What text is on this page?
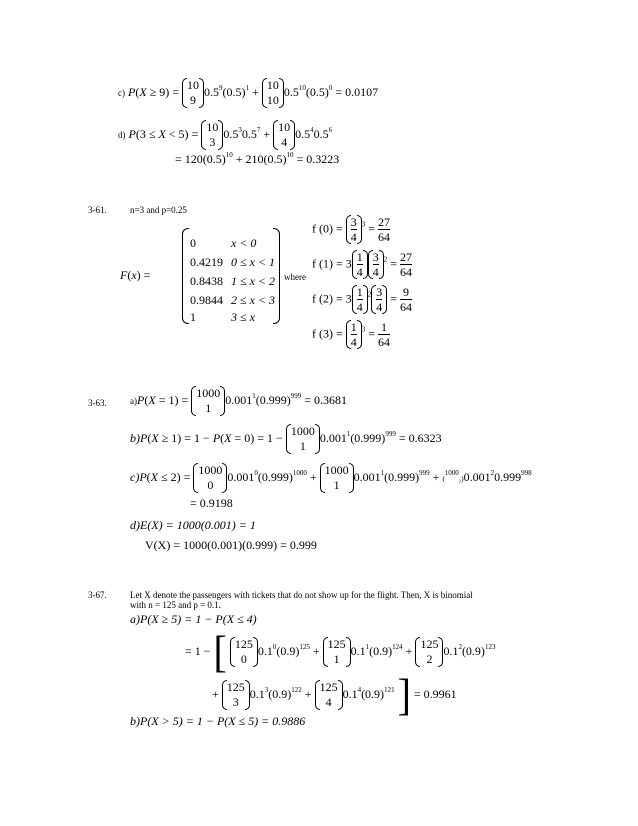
c) P(X ≥ 9) = 10
9
$0.5^9(0.5)^1 + 10$
10
$0.5^{10}(0.5)^0 = 0.0107$
d) P(3 ≤ X < 5) = 10
3
$0.5^30.5^7 + 10$
4
$0.5^40.5^6$
= $120(0.5)^{10} + 210(0.5)^{10} = 0.3223$
3-61.	n=3 and p=0.25
F(x) =
0	x < 0
0.4219 0 ≤ x < 1
0.8438 1 ≤ x < 2
0.9844 2 ≤ x < 3
1	3 ≤ x
where
f (0) = 3
4
$^3 = \frac{27}{64}$
f (1) = 3 1
4
3
4
$^2 = \frac{27}{64}$
f (2) = 3 1
4
$^2$ 3
4
= $\frac{9}{64}$
f (3) = 1
4
$^3 = \frac{1}{64}$
3-63.	a)P(X = 1) = 1000
1
$0.001^1(0.999)^{999} = 0.3681$
b)P(X ≥ 1) = 1 − P(X = 0) = 1 − 1000
1
$0.001^1(0.999)^{999} = 0.6323$
c)P(X ≤ 2) = 1000
0
$0.001^0(0.999)^{1000} + 1000$
1
$0.001^1(0.999)^{999} + (^{1000}_2)0.001^20.999^{998}$
= 0.9198
d)E(X) = 1000(0.001) = 1
V(X) = 1000(0.001)(0.999) = 0.999
3-67.	Let X denote the passengers with tickets that do not show up for the flight. Then, X is binomial
with n = 125 and p = 0.1.
a)P(X ≥ 5) = 1 − P(X ≤ 4)
= 1 − [ 125
0
$0.1^0(0.9)^{125} + 125$
1
$0.1^1(0.9)^{124} + 125$
2
$0.1^2(0.9)^{123}$
+ 125
3
$0.1^3(0.9)^{122} + 125$
4
$0.1^4(0.9)^{121}$ ] = 0.9961
b)P(X > 5) = 1 − P(X ≤ 5) = 0.9886
